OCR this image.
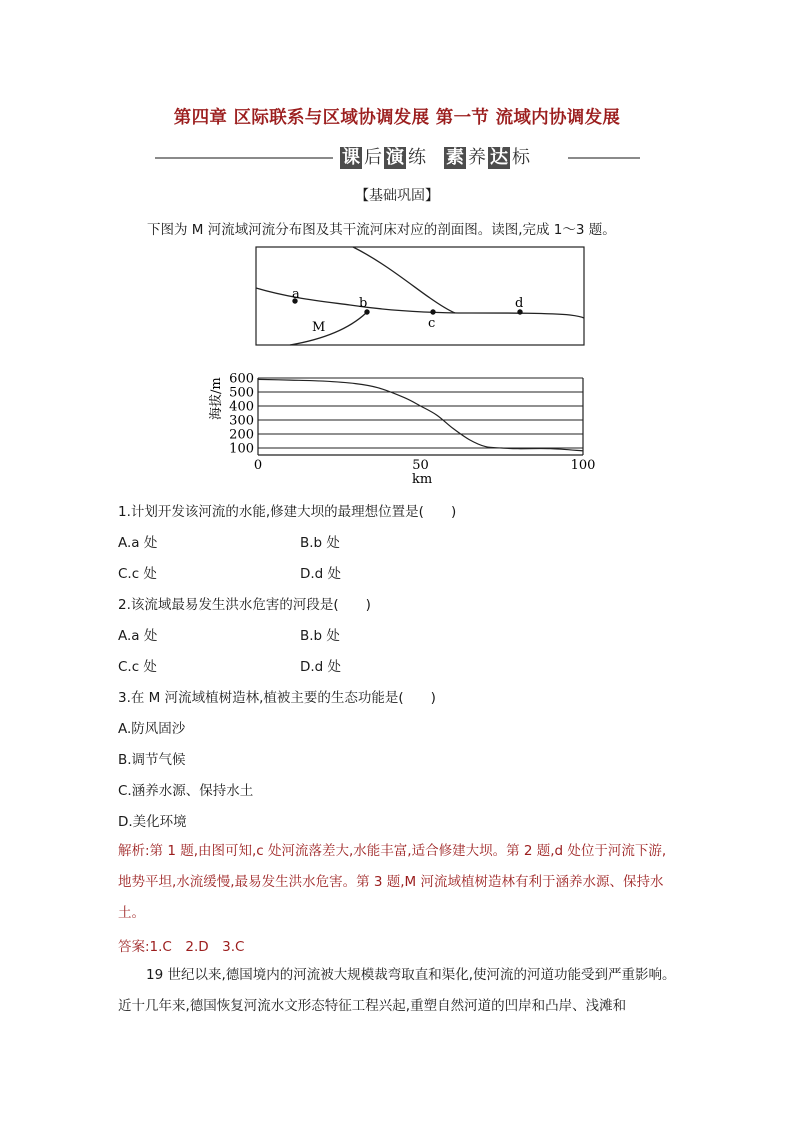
第四章 区际联系与区域协调发展 第一节 流域内协调发展
课 后 演 练 素 养 达 标
【基础巩固】
下图为 M 河流域河流分布图及其干流河床对应的剖面图。读图,完成 1～3 题。
a
b
c
d
M
600
500
400
300
200
100
0	50	100
海拔/m
km
1.计划开发该河流的水能,修建大坝的最理想位置是(　　)
A.a 处	B.b 处
C.c 处	D.d 处
2.该流域最易发生洪水危害的河段是(　　)
A.a 处	B.b 处
C.c 处	D.d 处
3.在 M 河流域植树造林,植被主要的生态功能是(　　)
A.防风固沙
B.调节气候
C.涵养水源、保持水土
D.美化环境
解析:第 1 题,由图可知,c 处河流落差大,水能丰富,适合修建大坝。第 2 题,d 处位于河流下游,地势平坦,水流缓慢,最易发生洪水危害。第 3 题,M 河流域植树造林有利于涵养水源、保持水土。
答案:1.C　2.D　3.C
19 世纪以来,德国境内的河流被大规模裁弯取直和渠化,使河流的河道功能受到严重影响。近十几年来,德国恢复河流水文形态特征工程兴起,重塑自然河道的凹岸和凸岸、浅滩和
